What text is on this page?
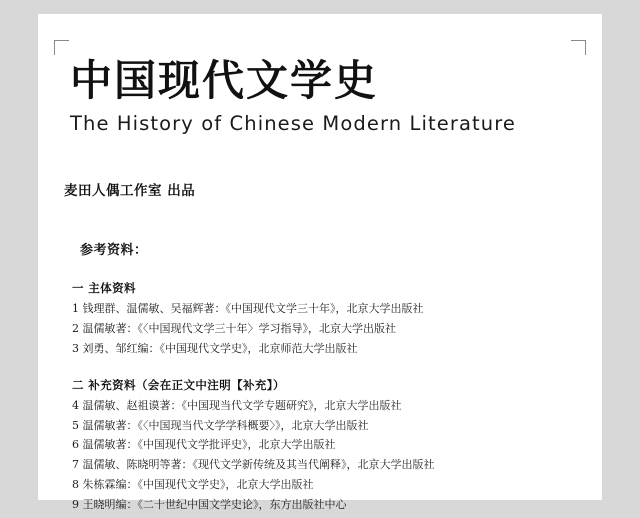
中国现代文学史
The History of Chinese Modern Literature
麦田人偶工作室 出品
参考资料：
一 主体资料
1 钱理群、温儒敏、吴福辉著：《中国现代文学三十年》，北京大学出版社
2 温儒敏著：《〈中国现代文学三十年〉学习指导》，北京大学出版社
3 刘勇、邹红编：《中国现代文学史》，北京师范大学出版社
二 补充资料（会在正文中注明【补充】）
4 温儒敏、赵祖谟著：《中国现当代文学专题研究》，北京大学出版社
5 温儒敏著：《〈中国现当代文学学科概要〉》，北京大学出版社
6 温儒敏著：《中国现代文学批评史》，北京大学出版社
7 温儒敏、陈晓明等著：《现代文学新传统及其当代阐释》，北京大学出版社
8 朱栋霖编：《中国现代文学史》，北京大学出版社
9 王晓明编：《二十世纪中国文学史论》，东方出版社中心
